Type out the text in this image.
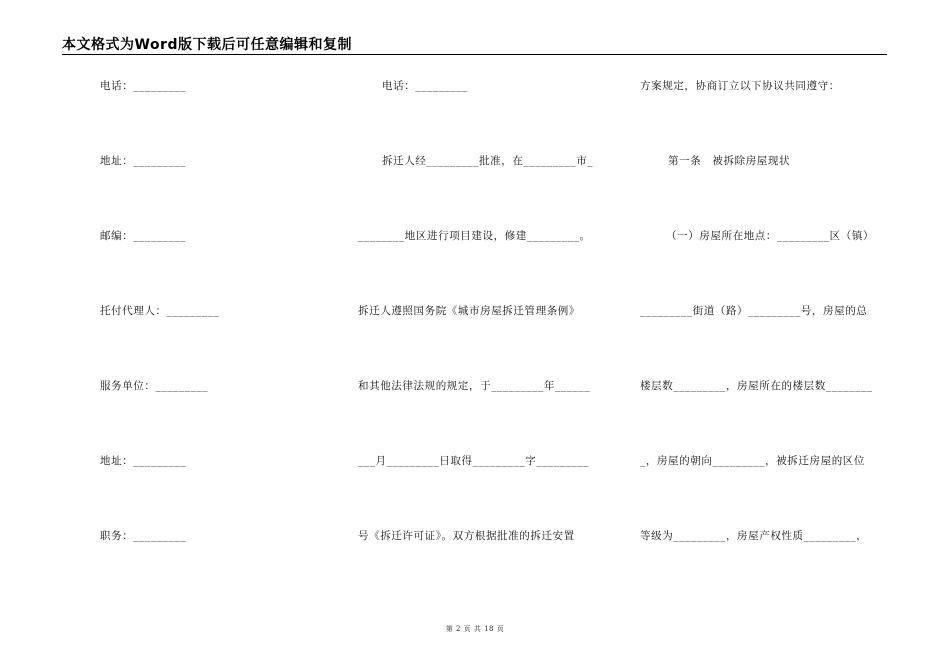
本文格式为Word版下载后可任意编辑和复制
电话：_________
地址：_________
邮编：_________
托付代理人：_________
服务单位：_________
地址：_________
职务：_________
电话：_________
拆迁人经_________批准，在_________市_
________地区进行项目建设，修建_________。
拆迁人遵照国务院《城市房屋拆迁管理条例》
和其他法律法规的规定，于_________年______
___月_________日取得_________字_________
号《拆迁许可证》。双方根据批准的拆迁安置
方案规定，协商订立以下协议共同遵守：
第一条　被拆除房屋现状
（一）房屋所在地点：_________区（镇）
_________街道（路）_________号，房屋的总
楼层数_________，房屋所在的楼层数________
_，房屋的朝向_________，被拆迁房屋的区位
等级为_________，房屋产权性质_________，
第 2 页 共 18 页
